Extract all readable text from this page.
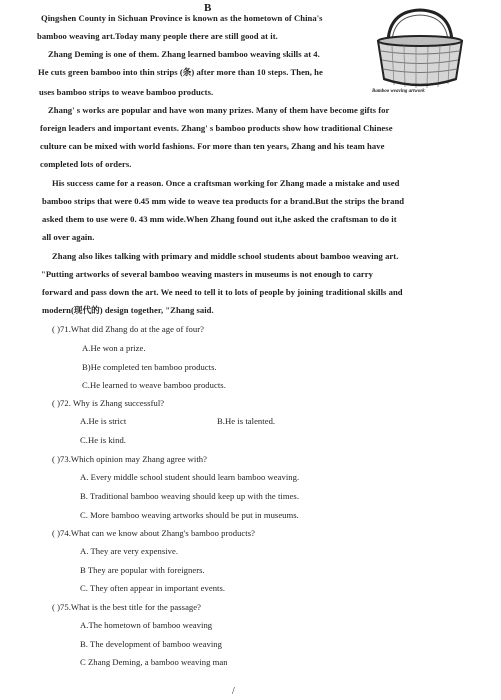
B
Bamboo weaving artwork
Qingshen County in Sichuan Province is known as the hometown of China's
bamboo weaving art.Today many people there are still good at it.
Zhang Deming is one of them. Zhang learned bamboo weaving skills at 4.
He cuts green bamboo into thin strips (条) after more than 10 steps. Then, he
uses bamboo strips to weave bamboo products.
Zhang' s works are popular and have won many prizes. Many of them have become gifts for
foreign leaders and important events. Zhang' s bamboo products show how traditional Chinese
culture can be mixed with world fashions. For more than ten years, Zhang and his team have
completed lots of orders.
His success came for a reason. Once a craftsman working for Zhang made a mistake and used
bamboo strips that were 0.45 mm wide to weave tea products for a brand.But the strips the brand
asked them to use were 0. 43 mm wide.When Zhang found out it,he asked the craftsman to do it
all over again.
Zhang also likes talking with primary and middle school students about bamboo weaving art.
"Putting artworks of several bamboo weaving masters in museums is not enough to carry
forward and pass down the art. We need to tell it to lots of people by joining traditional skills and
modern(现代的) design together, "Zhang said.
( )71.What did Zhang do at the age of four?
A.He won a prize.
B)He completed ten bamboo products.
C.He learned to weave bamboo products.
( )72. Why is Zhang successful?
A.He is strict	B.He is talented.
C.He is kind.
( )73.Which opinion may Zhang agree with?
A. Every middle school student should learn bamboo weaving.
B. Traditional bamboo weaving should keep up with the times.
C. More bamboo weaving artworks should be put in museums.
( )74.What can we know about Zhang's bamboo products?
A. They are very expensive.
B They are popular with foreigners.
C. They often appear in important events.
( )75.What is the best title for the passage?
A.The hometown of bamboo weaving
B. The development of bamboo weaving
C Zhang Deming, a bamboo weaving man
/
